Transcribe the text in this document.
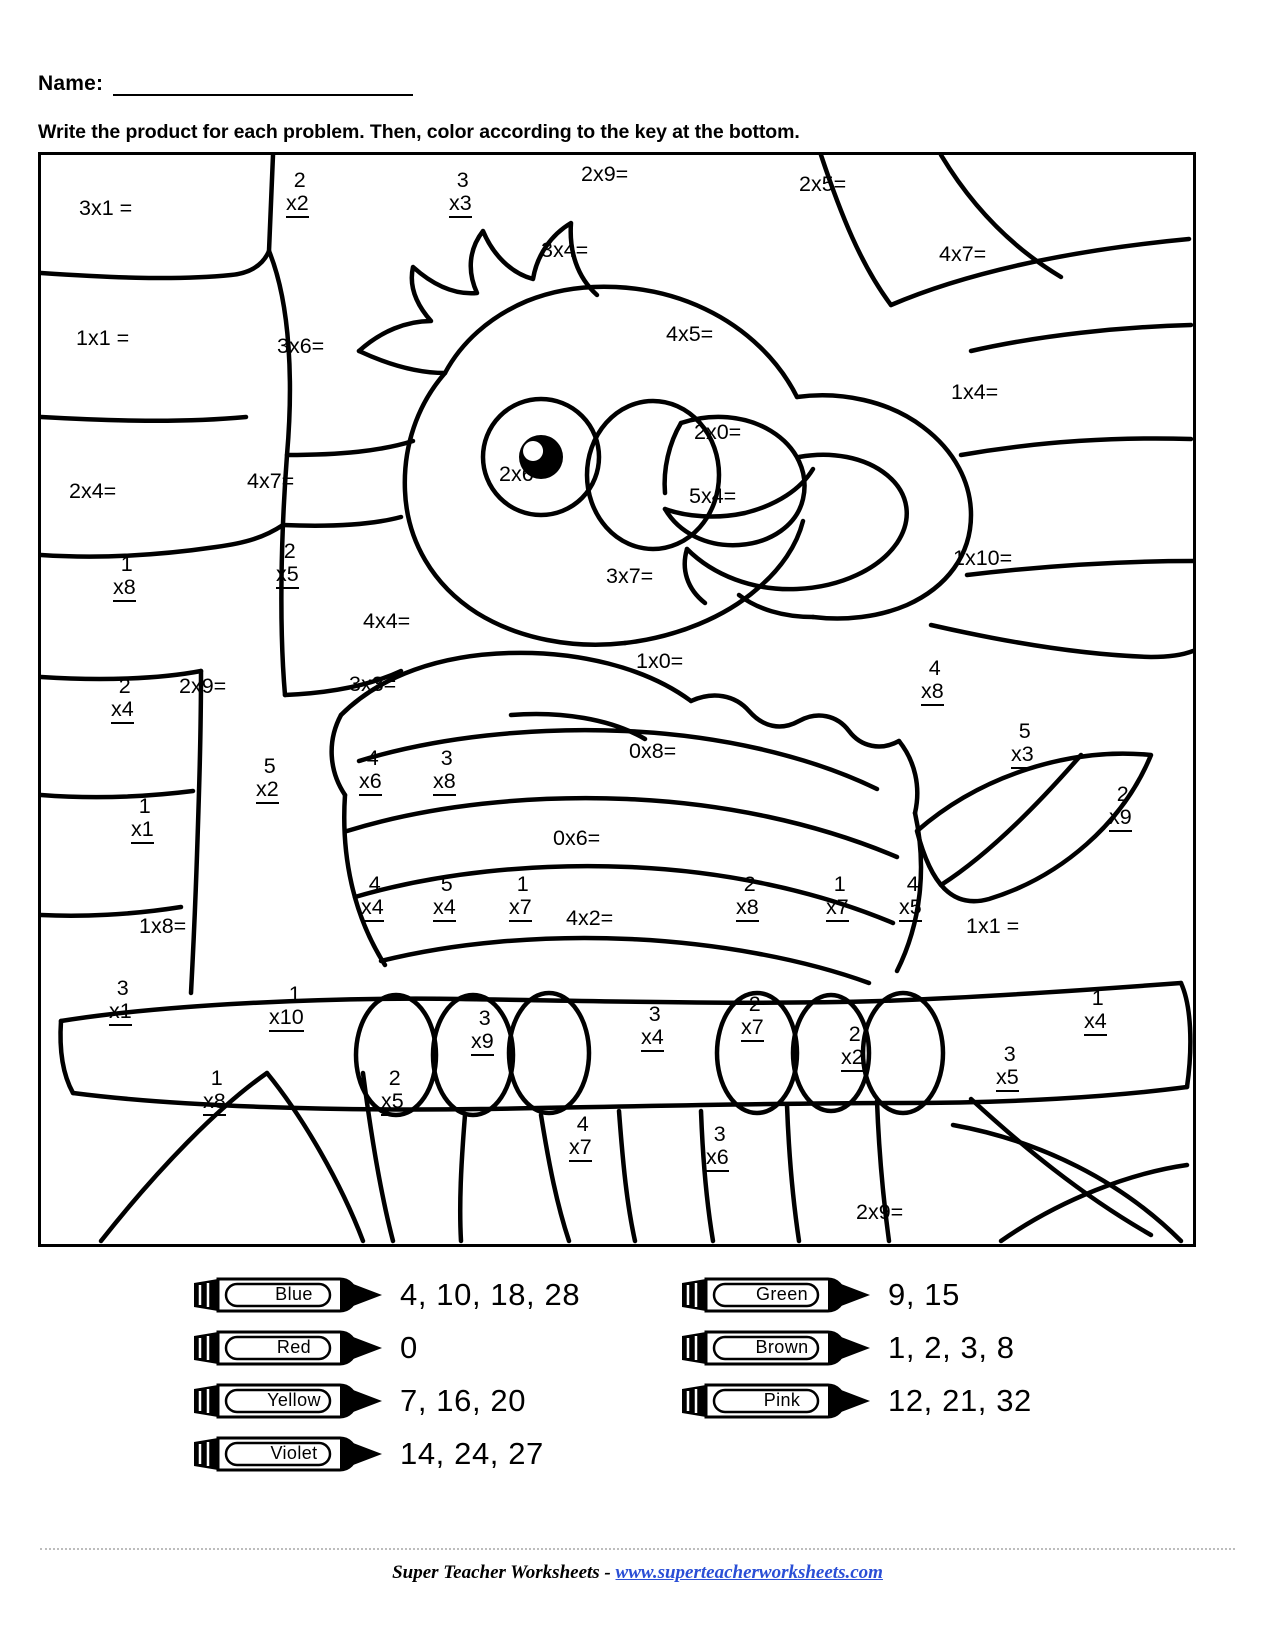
Name:
Write the product for each problem. Then, color according to the key at the bottom.
3x1 =
2
x2
3
x3
2x9=	2x5=
3x4=	4x7=
1x1 =	3x6=	4x5=
1x4=
2x0=
2x6=
2x4=	4x7=
5x4=
1x10=
1
x8
2
x5	3x7=
4x4=
1x0=
2
x4
2x9=	3x3=
4
x8
5
x3
0x8=
5
x2
4
x6
3
x8
2
x9
1
x1	0x6=
4
x4
5
x4
1
x7 4x2=
2
x8
1
x7
4
x5
1x8=	1x1 =
3
x1
1
x10	3
x9
3
x4
2
x7	2
x2
1
x4
3
x5
1
x8
2
x5
4
x7
3
x6
2x9=
Blue	4, 10, 18, 28
Red	0
Yellow	7, 16, 20
Violet	14, 24, 27
Green	9, 15
Brown	1, 2, 3, 8
Pink	12, 21, 32
Super Teacher Worksheets - www.superteacherworksheets.com
